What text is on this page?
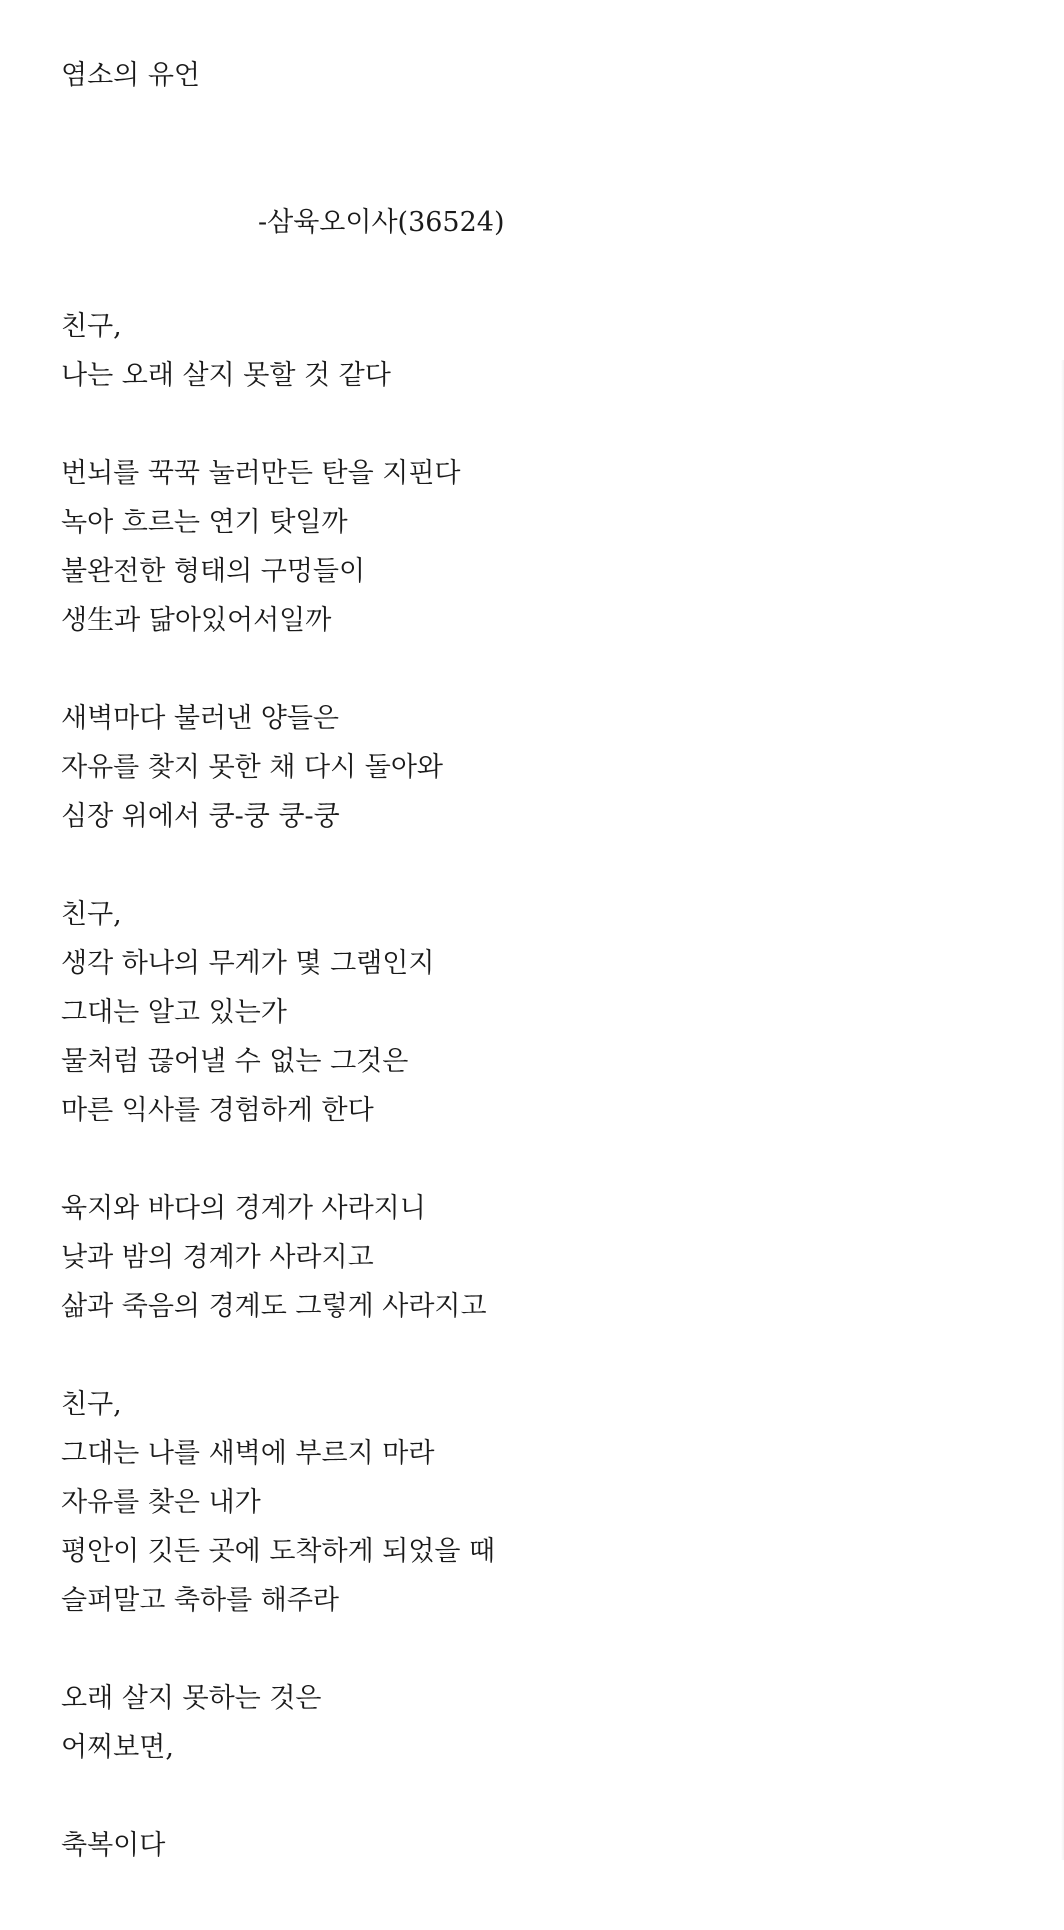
염소의 유언
-삼육오이사(36524)
친구,
나는 오래 살지 못할 것 같다
번뇌를 꾹꾹 눌러만든 탄을 지핀다
녹아 흐르는 연기 탓일까
불완전한 형태의 구멍들이
생生과 닮아있어서일까
새벽마다 불러낸 양들은
자유를 찾지 못한 채 다시 돌아와
심장 위에서 쿵-쿵 쿵-쿵
친구,
생각 하나의 무게가 몇 그램인지
그대는 알고 있는가
물처럼 끊어낼 수 없는 그것은
마른 익사를 경험하게 한다
육지와 바다의 경계가 사라지니
낮과 밤의 경계가 사라지고
삶과 죽음의 경계도 그렇게 사라지고
친구,
그대는 나를 새벽에 부르지 마라
자유를 찾은 내가
평안이 깃든 곳에 도착하게 되었을 때
슬퍼말고 축하를 해주라
오래 살지 못하는 것은
어찌보면,
축복이다
